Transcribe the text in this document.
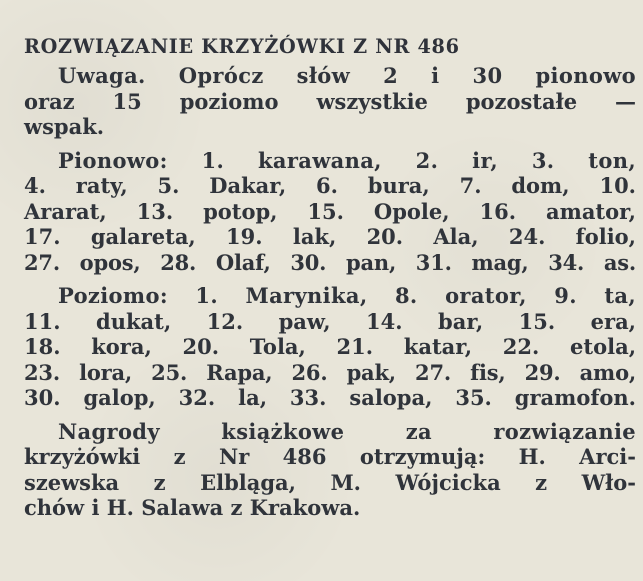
ROZWIĄZANIE KRZYŻÓWKI Z NR 486
Uwaga. Oprócz słów 2 i 30 pionowo
oraz 15 poziomo wszystkie pozostałe —
wspak.
Pionowo: 1. karawana, 2. ir, 3. ton,
4. raty, 5. Dakar, 6. bura, 7. dom, 10.
Ararat, 13. potop, 15. Opole, 16. amator,
17. galareta, 19. lak, 20. Ala, 24. folio,
27. opos, 28. Olaf, 30. pan, 31. mag, 34. as.
Poziomo: 1. Marynika, 8. orator, 9. ta,
11. dukat, 12. paw, 14. bar, 15. era,
18. kora, 20. Tola, 21. katar, 22. etola,
23. lora, 25. Rapa, 26. pak, 27. fis, 29. amo,
30. galop, 32. la, 33. salopa, 35. gramofon.
Nagrody książkowe za rozwiązanie
krzyżówki z Nr 486 otrzymują: H. Arci-
szewska z Elbląga, M. Wójcicka z Wło-
chów i H. Salawa z Krakowa.
